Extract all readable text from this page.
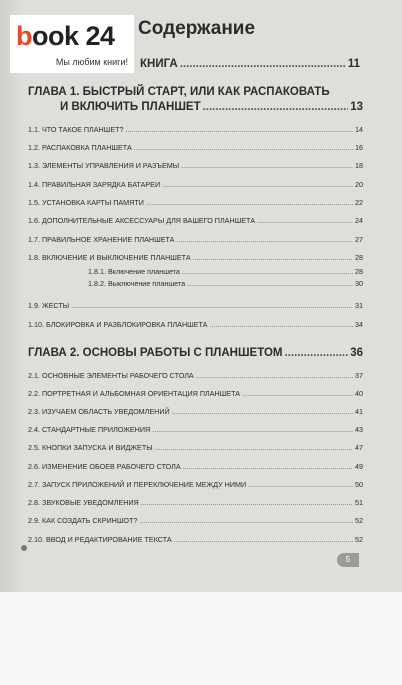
Содержание
КНИГА .....	11
ГЛАВА 1. БЫСТРЫЙ СТАРТ, ИЛИ КАК РАСПАКОВАТЬ
И ВКЛЮЧИТЬ ПЛАНШЕТ .....	13
1.1. ЧТО ТАКОЕ ПЛАНШЕТ? .....	14
1.2. РАСПАКОВКА ПЛАНШЕТА .....	16
1.3. ЭЛЕМЕНТЫ УПРАВЛЕНИЯ И РАЗЪЕМЫ .....	18
1.4. ПРАВИЛЬНАЯ ЗАРЯДКА БАТАРЕИ .....	20
1.5. УСТАНОВКА КАРТЫ ПАМЯТИ .....	22
1.6. ДОПОЛНИТЕЛЬНЫЕ АКСЕССУАРЫ ДЛЯ ВАШЕГО ПЛАНШЕТА .....	24
1.7. ПРАВИЛЬНОЕ ХРАНЕНИЕ ПЛАНШЕТА .....	27
1.8. ВКЛЮЧЕНИЕ И ВЫКЛЮЧЕНИЕ ПЛАНШЕТА .....	28
1.8.1. Включение планшета .....	28
1.8.2. Выключение планшета .....	30
1.9. ЖЕСТЫ .....	31
1.10. БЛОКИРОВКА И РАЗБЛОКИРОВКА ПЛАНШЕТА .....	34
ГЛАВА 2. ОСНОВЫ РАБОТЫ С ПЛАНШЕТОМ .....	36
2.1. ОСНОВНЫЕ ЭЛЕМЕНТЫ РАБОЧЕГО СТОЛА .....	37
2.2. ПОРТРЕТНАЯ И АЛЬБОМНАЯ ОРИЕНТАЦИЯ ПЛАНШЕТА .....	40
2.3. ИЗУЧАЕМ ОБЛАСТЬ УВЕДОМЛЕНИЙ .....	41
2.4. СТАНДАРТНЫЕ ПРИЛОЖЕНИЯ .....	43
2.5. КНОПКИ ЗАПУСКА И ВИДЖЕТЫ .....	47
2.6. ИЗМЕНЕНИЕ ОБОЕВ РАБОЧЕГО СТОЛА .....	49
2.7. ЗАПУСК ПРИЛОЖЕНИЙ И ПЕРЕКЛЮЧЕНИЕ МЕЖДУ НИМИ .....	50
2.8. ЗВУКОВЫЕ УВЕДОМЛЕНИЯ .....	51
2.9. КАК СОЗДАТЬ СКРИНШОТ? .....	52
2.10. ВВОД И РЕДАКТИРОВАНИЕ ТЕКСТА .....	52
5
book 24
Мы любим книги!
